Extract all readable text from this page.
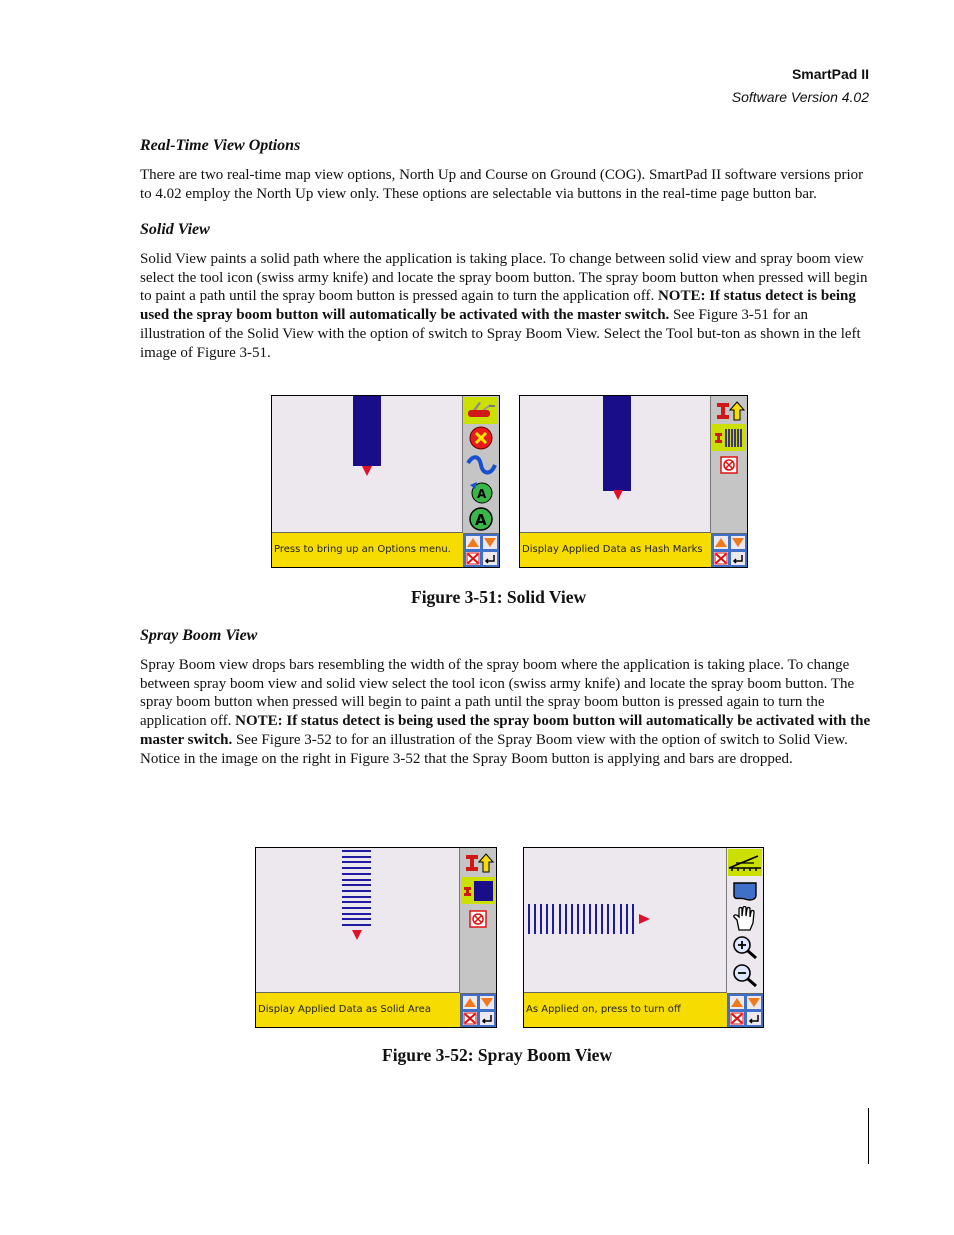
SmartPad II
Software Version 4.02
Real-Time View Options

There are two real-time map view options, North Up and Course on Ground (COG). SmartPad II software versions prior to 4.02 employ the North Up view only. These options are selectable via buttons in the real-time page button bar.

Solid View

Solid View paints a solid path where the application is taking place. To change between solid view and spray boom view select the tool icon (swiss army knife) and locate the spray boom button. The spray boom button when pressed will begin to paint a path until the spray boom button is pressed again to turn the application off. NOTE: If status detect is being used the spray boom button will automatically be activated with the master switch. See Figure 3-51 for an illustration of the Solid View with the option of switch to Spray Boom View. Select the Tool but-ton as shown in the left image of Figure 3-51.

A
A
Press to bring up an Options menu.	Display Applied Data as Hash Marks
Figure 3-51: Solid View
Spray Boom View

Spray Boom view drops bars resembling the width of the spray boom where the application is taking place. To change between spray boom view and solid view select the tool icon (swiss army knife) and locate the spray boom button. The spray boom button when pressed will begin to paint a path until the spray boom button is pressed again to turn the application off. NOTE: If status detect is being used the spray boom button will automatically be activated with the master switch. See Figure 3-52 to for an illustration of the Spray Boom view with the option of switch to Solid View. Notice in the image on the right in Figure 3-52 that the Spray Boom button is applying and bars are dropped.

Display Applied Data as Solid Area	As Applied on, press to turn off
Figure 3-52: Spray Boom View
